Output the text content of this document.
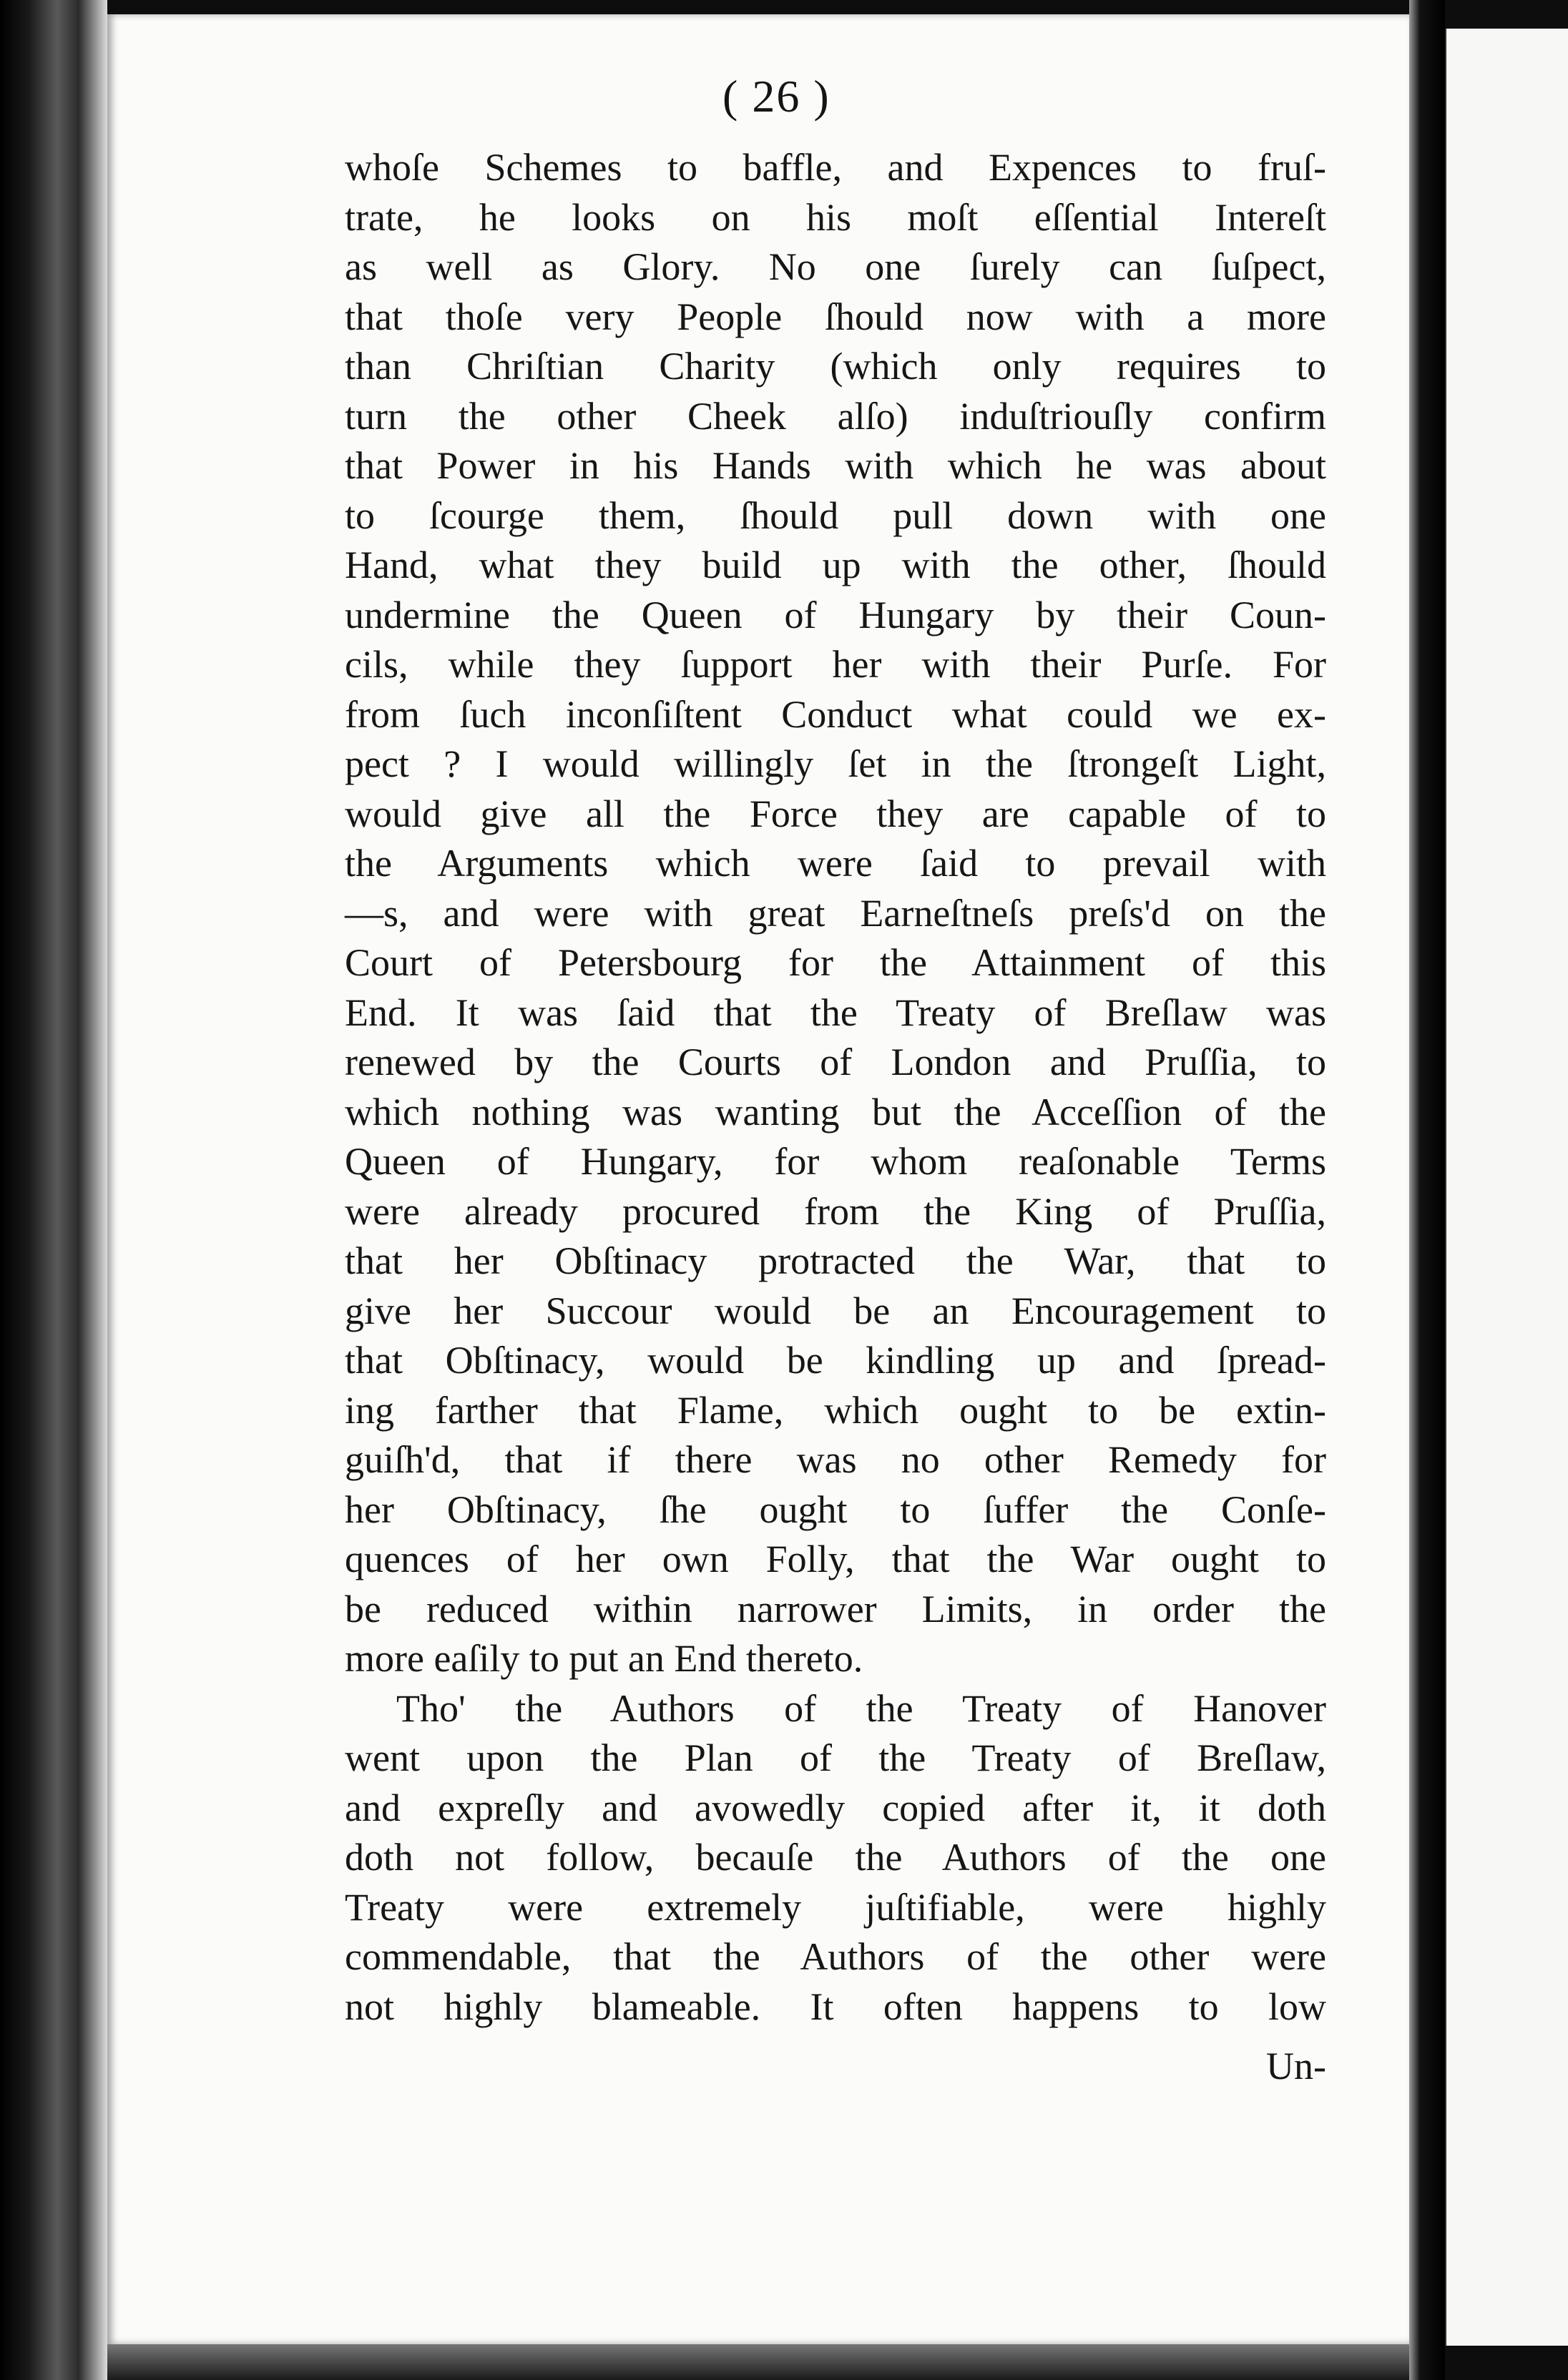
( 26 )
whoſe Schemes to baffle, and Expences to fruſ-
trate, he looks on his moſt eſſential Intereſt
as well as Glory. No one ſurely can ſuſpect,
that thoſe very People ſhould now with a more
than Chriſtian Charity (which only requires to
turn the other Cheek alſo) induſtriouſly confirm
that Power in his Hands with which he was about
to ſcourge them, ſhould pull down with one
Hand, what they build up with the other, ſhould
undermine the Queen of Hungary by their Coun-
cils, while they ſupport her with their Purſe. For
from ſuch inconſiſtent Conduct what could we ex-
pect ? I would willingly ſet in the ſtrongeſt Light,
would give all the Force they are capable of to
the Arguments which were ſaid to prevail with
—s, and were with great Earneſtneſs preſs'd on the
Court of Petersbourg for the Attainment of this
End. It was ſaid that the Treaty of Breſlaw was
renewed by the Courts of London and Pruſſia, to
which nothing was wanting but the Acceſſion of the
Queen of Hungary, for whom reaſonable Terms
were already procured from the King of Pruſſia,
that her Obſtinacy protracted the War, that to
give her Succour would be an Encouragement to
that Obſtinacy, would be kindling up and ſpread-
ing farther that Flame, which ought to be extin-
guiſh'd, that if there was no other Remedy for
her Obſtinacy, ſhe ought to ſuffer the Conſe-
quences of her own Folly, that the War ought to
be reduced within narrower Limits, in order the
more eaſily to put an End thereto.
Tho' the Authors of the Treaty of Hanover
went upon the Plan of the Treaty of Breſlaw,
and expreſly and avowedly copied after it, it doth
doth not follow, becauſe the Authors of the one
Treaty were extremely juſtifiable, were highly
commendable, that the Authors of the other were
not highly blameable. It often happens to low
Un-
